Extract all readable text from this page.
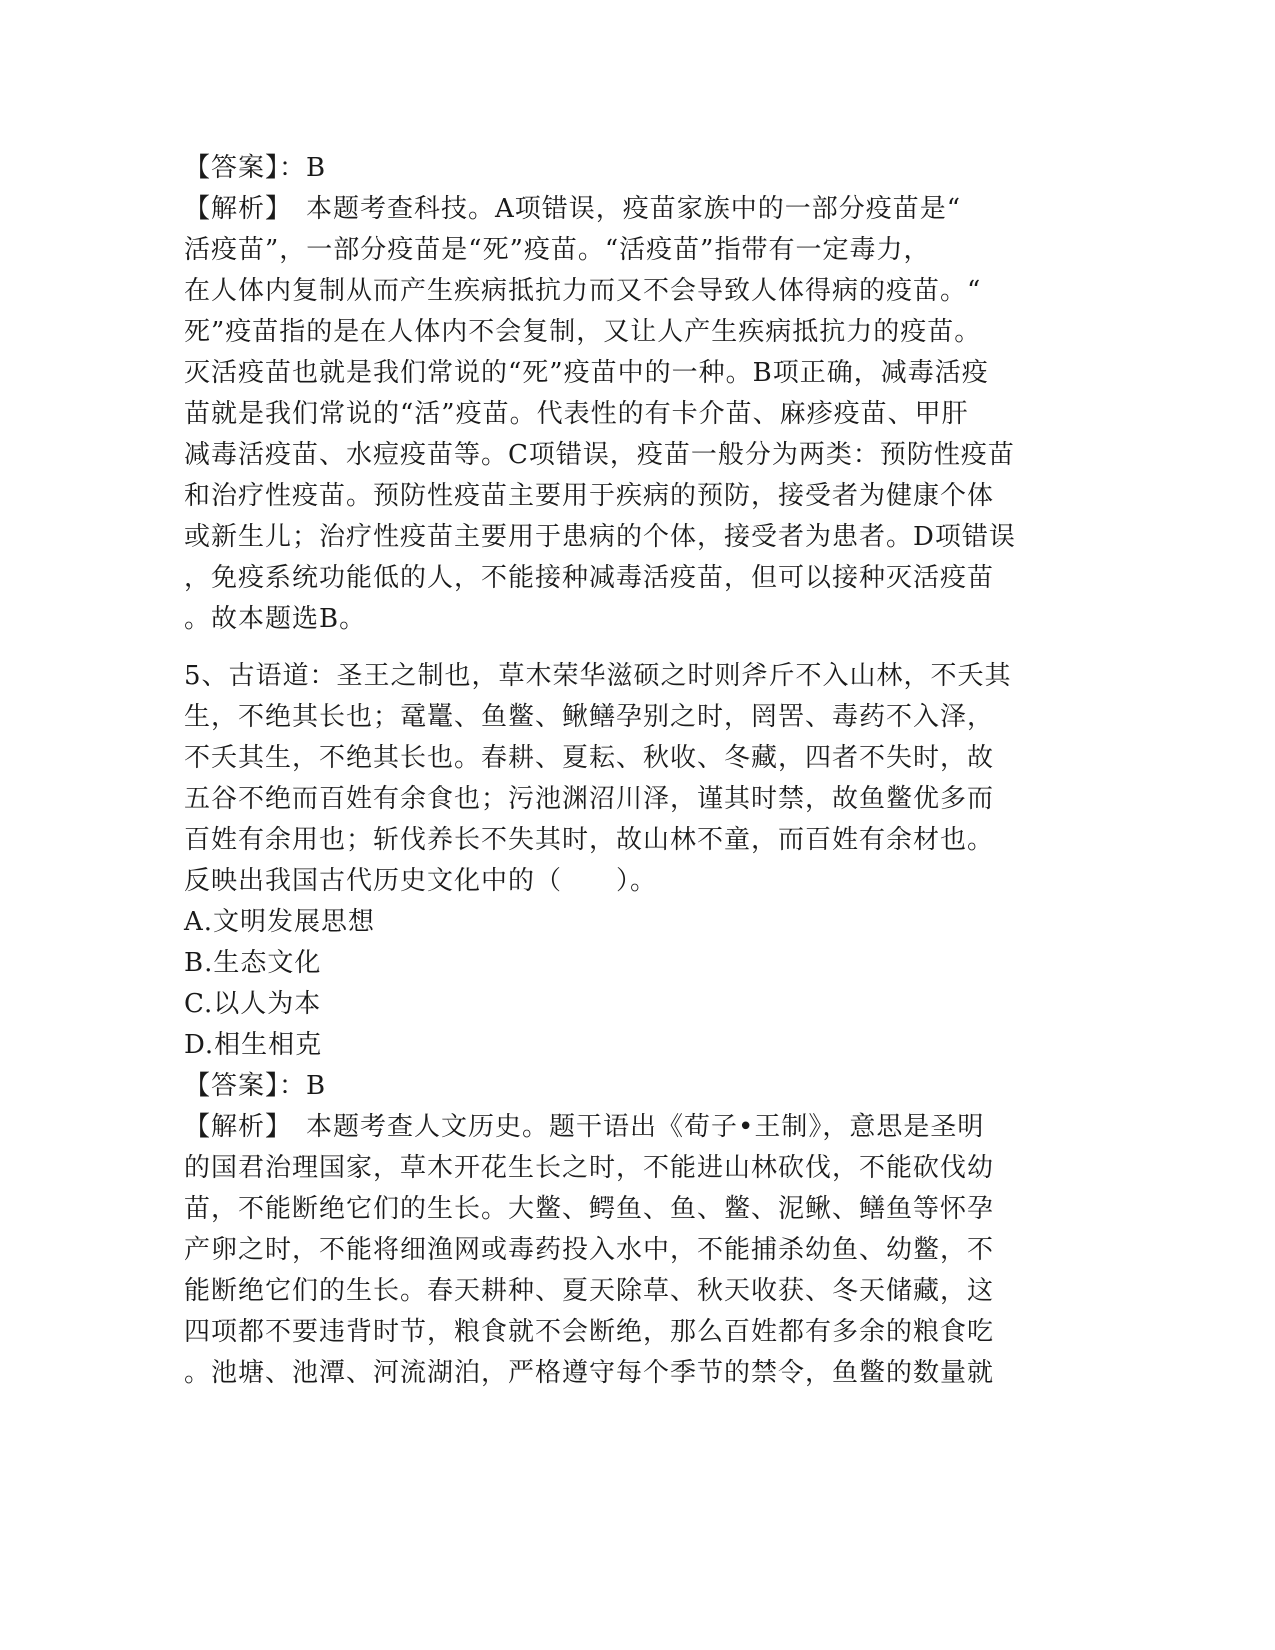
【答案】：B
【解析】　本题考查科技。A项错误，疫苗家族中的一部分疫苗是“
活疫苗”，一部分疫苗是“死”疫苗。“活疫苗”指带有一定毒力，
在人体内复制从而产生疾病抵抗力而又不会导致人体得病的疫苗。“
死”疫苗指的是在人体内不会复制，又让人产生疾病抵抗力的疫苗。
灭活疫苗也就是我们常说的“死”疫苗中的一种。B项正确，减毒活疫
苗就是我们常说的“活”疫苗。代表性的有卡介苗、麻疹疫苗、甲肝
减毒活疫苗、水痘疫苗等。C项错误，疫苗一般分为两类：预防性疫苗
和治疗性疫苗。预防性疫苗主要用于疾病的预防，接受者为健康个体
或新生儿；治疗性疫苗主要用于患病的个体，接受者为患者。D项错误
，免疫系统功能低的人，不能接种减毒活疫苗，但可以接种灭活疫苗
。故本题选B。
5、古语道：圣王之制也，草木荣华滋硕之时则斧斤不入山林，不夭其
生，不绝其长也；鼋鼍、鱼鳖、鳅鳝孕别之时，罔罟、毒药不入泽，
不夭其生，不绝其长也。春耕、夏耘、秋收、冬藏，四者不失时，故
五谷不绝而百姓有余食也；污池渊沼川泽，谨其时禁，故鱼鳖优多而
百姓有余用也；斩伐养长不失其时，故山林不童，而百姓有余材也。
反映出我国古代历史文化中的（　　）。
A.文明发展思想
B.生态文化
C.以人为本
D.相生相克
【答案】：B
【解析】　本题考查人文历史。题干语出《荀子•王制》，意思是圣明
的国君治理国家，草木开花生长之时，不能进山林砍伐，不能砍伐幼
苗，不能断绝它们的生长。大鳖、鳄鱼、鱼、鳖、泥鳅、鳝鱼等怀孕
产卵之时，不能将细渔网或毒药投入水中，不能捕杀幼鱼、幼鳖，不
能断绝它们的生长。春天耕种、夏天除草、秋天收获、冬天储藏，这
四项都不要违背时节，粮食就不会断绝，那么百姓都有多余的粮食吃
。池塘、池潭、河流湖泊，严格遵守每个季节的禁令，鱼鳖的数量就
